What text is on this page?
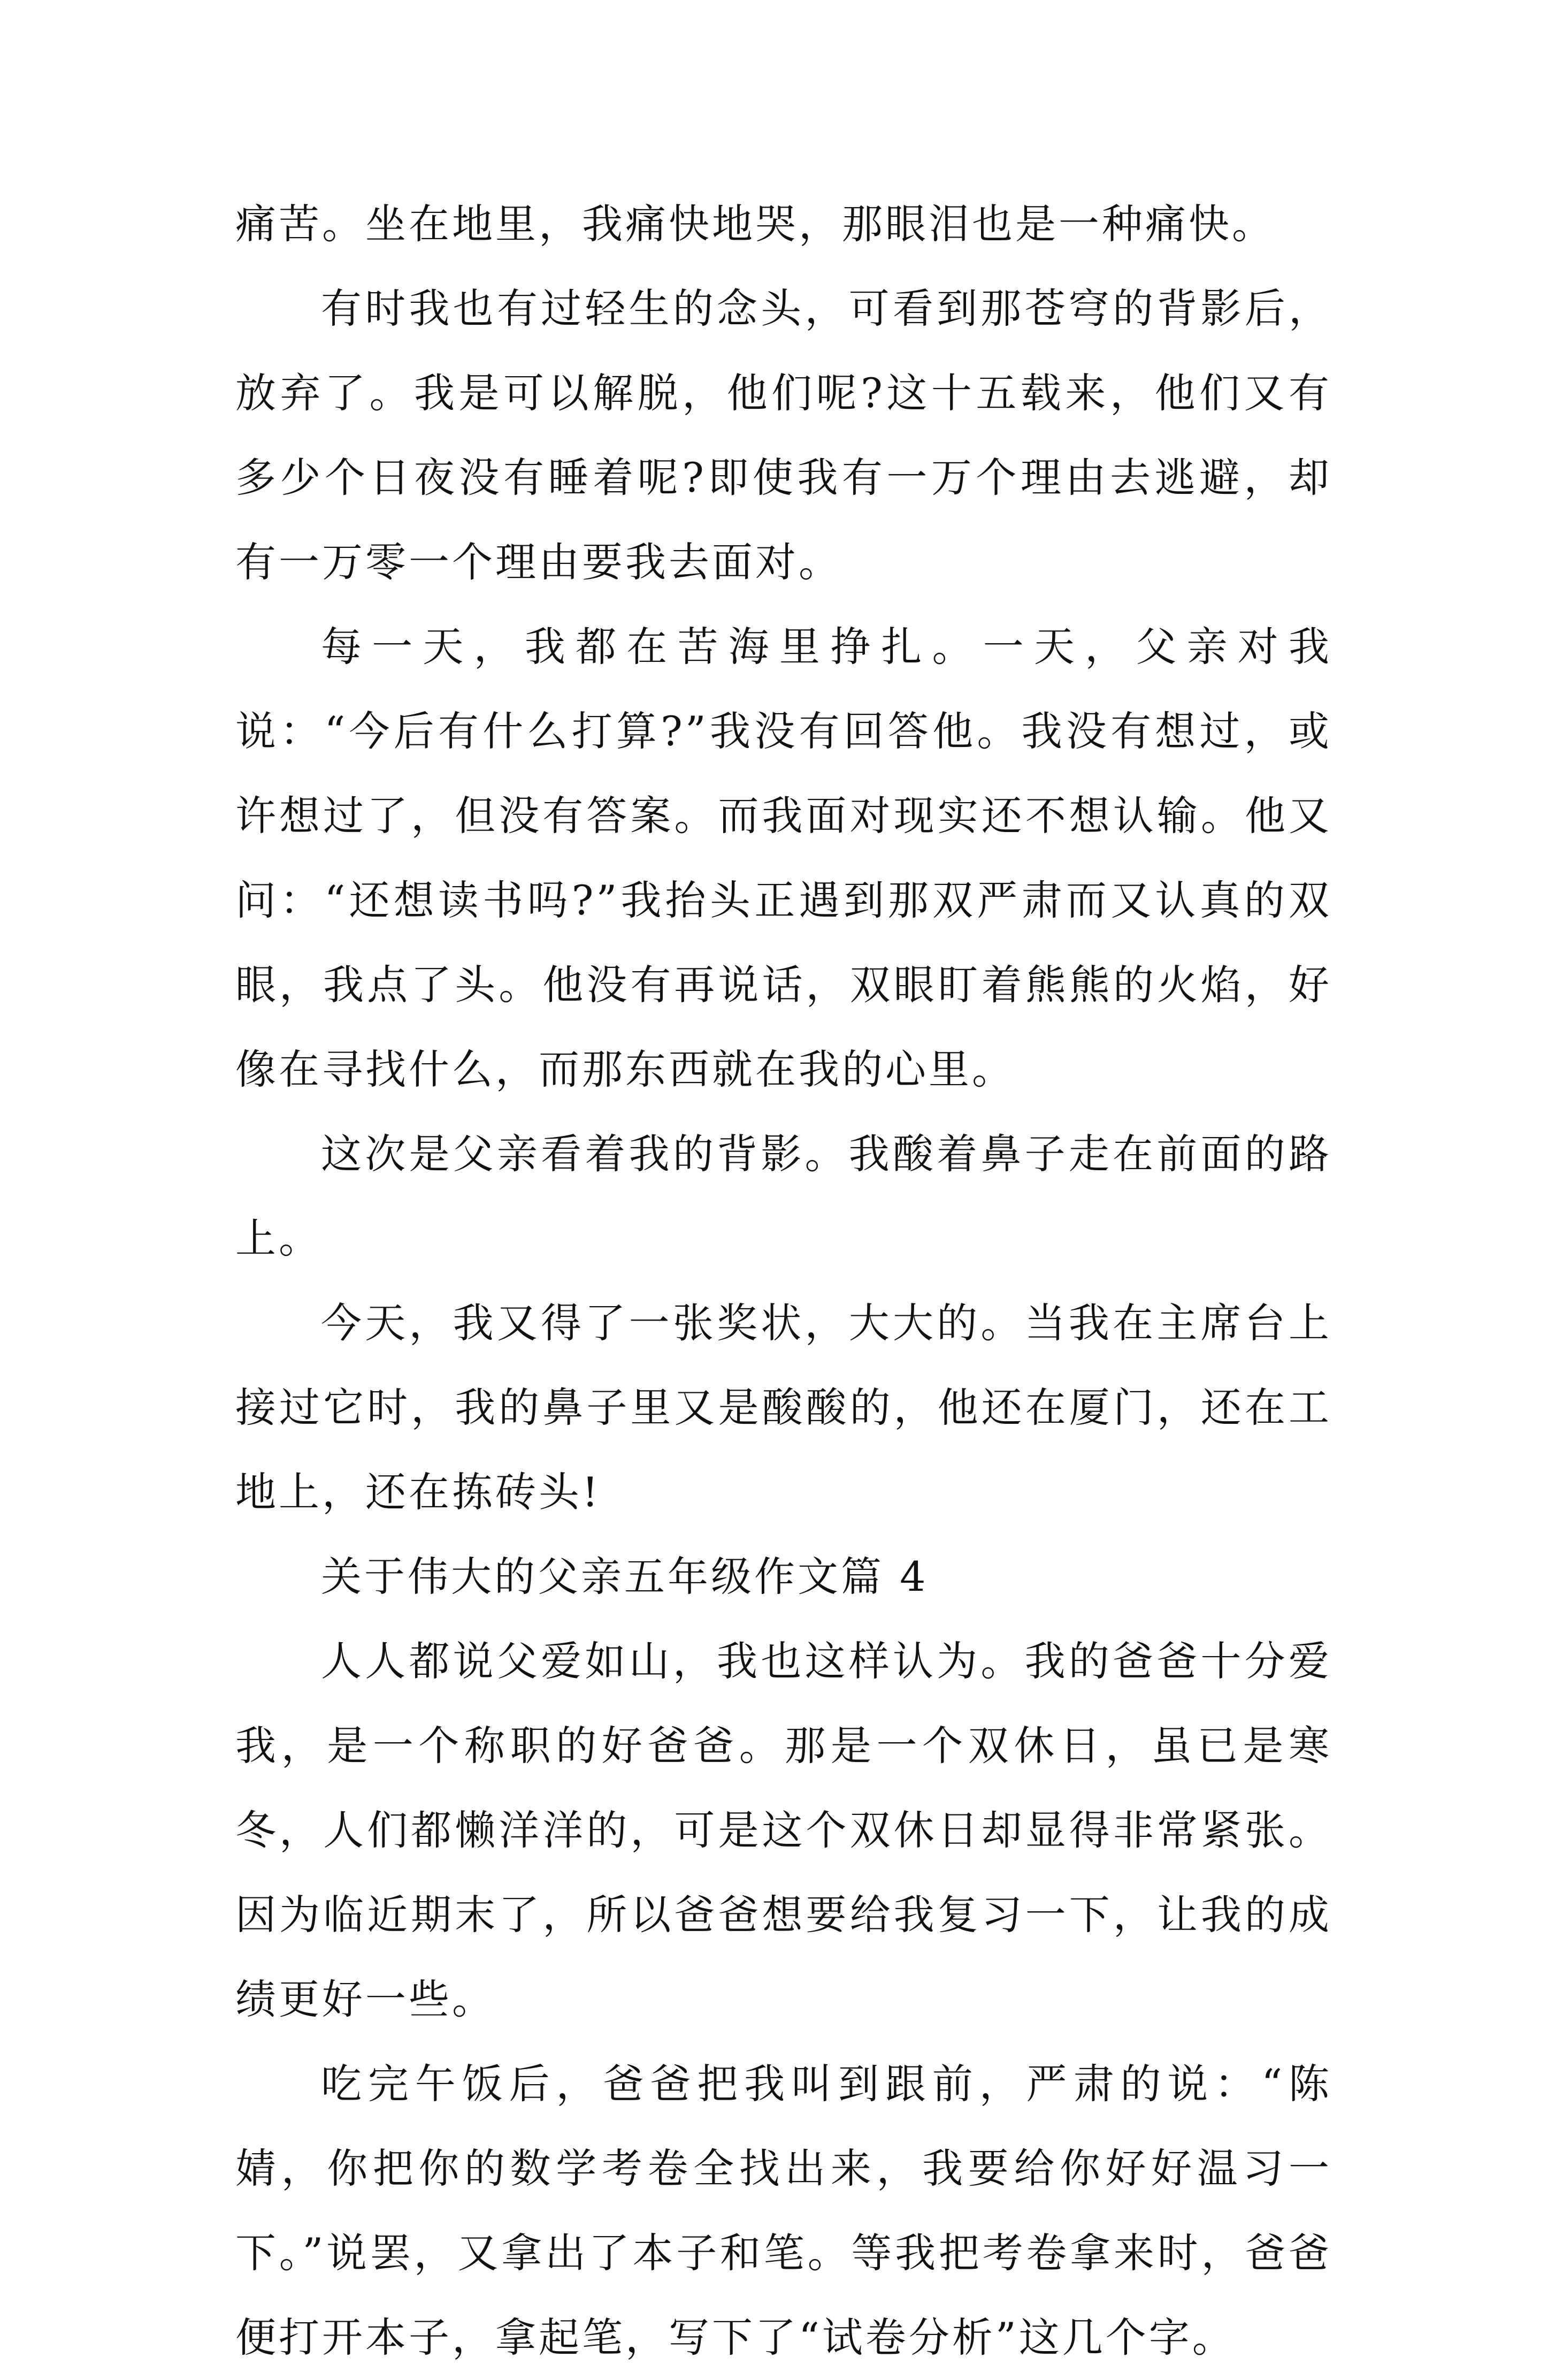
痛苦。坐在地里，我痛快地哭，那眼泪也是一种痛快。

有时我也有过轻生的念头，可看到那苍穹的背影后，放弃了。我是可以解脱，他们呢?这十五载来，他们又有多少个日夜没有睡着呢?即使我有一万个理由去逃避，却有一万零一个理由要我去面对。

每一天，我都在苦海里挣扎。一天，父亲对我说：“今后有什么打算?”我没有回答他。我没有想过，或许想过了，但没有答案。而我面对现实还不想认输。他又问：“还想读书吗?”我抬头正遇到那双严肃而又认真的双眼，我点了头。他没有再说话，双眼盯着熊熊的火焰，好像在寻找什么，而那东西就在我的心里。

这次是父亲看着我的背影。我酸着鼻子走在前面的路上。

今天，我又得了一张奖状，大大的。当我在主席台上接过它时，我的鼻子里又是酸酸的，他还在厦门，还在工地上，还在拣砖头!

关于伟大的父亲五年级作文篇 4

人人都说父爱如山，我也这样认为。我的爸爸十分爱我，是一个称职的好爸爸。那是一个双休日，虽已是寒冬，人们都懒洋洋的，可是这个双休日却显得非常紧张。因为临近期末了，所以爸爸想要给我复习一下，让我的成绩更好一些。

吃完午饭后，爸爸把我叫到跟前，严肃的说：“陈婧，你把你的数学考卷全找出来，我要给你好好温习一下。”说罢，又拿出了本子和笔。等我把考卷拿来时，爸爸便打开本子，拿起笔，写下了“试卷分析”这几个字。
